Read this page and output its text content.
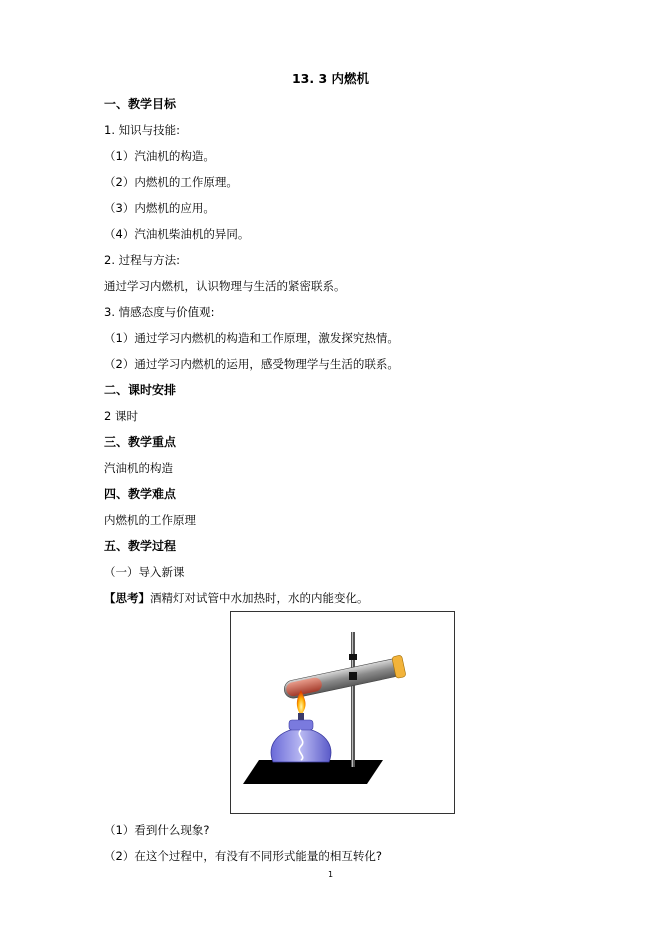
13. 3 内燃机
一、教学目标
1. 知识与技能:
（1）汽油机的构造。
（2）内燃机的工作原理。
（3）内燃机的应用。
（4）汽油机柴油机的异同。
2. 过程与方法:
通过学习内燃机，认识物理与生活的紧密联系。
3. 情感态度与价值观:
（1）通过学习内燃机的构造和工作原理，激发探究热情。
（2）通过学习内燃机的运用，感受物理学与生活的联系。
二、课时安排
2 课时
三、教学重点
汽油机的构造
四、教学难点
内燃机的工作原理
五、教学过程
（一）导入新课
【思考】酒精灯对试管中水加热时，水的内能变化。
（1）看到什么现象?
（2）在这个过程中，有没有不同形式能量的相互转化?
1
